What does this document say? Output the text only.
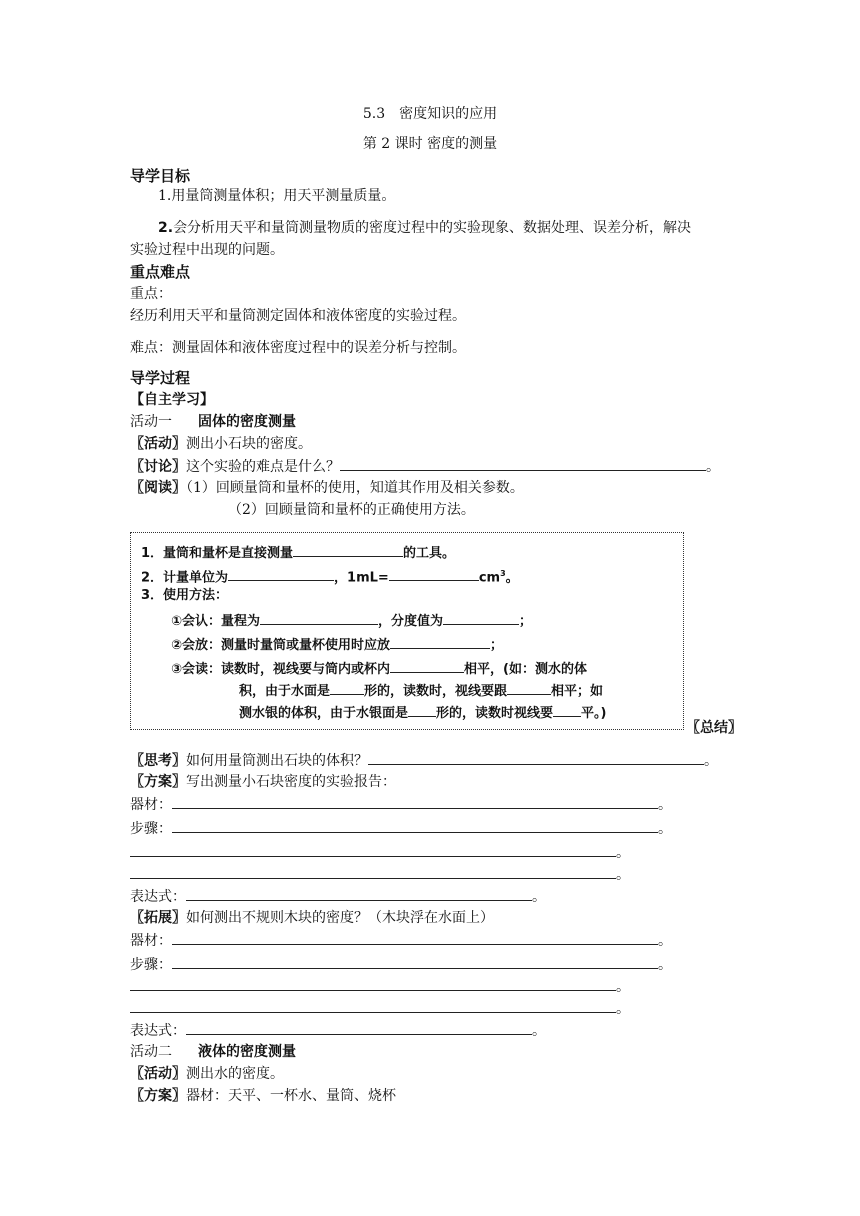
5.3　密度知识的应用
第 2 课时 密度的测量
导学目标
1.用量筒测量体积；用天平测量质量。
2.会分析用天平和量筒测量物质的密度过程中的实验现象、数据处理、误差分析，解决
实验过程中出现的问题。
重点难点
重点：
经历利用天平和量筒测定固体和液体密度的实验过程。
难点：测量固体和液体密度过程中的误差分析与控制。
导学过程
【自主学习】
活动一 固体的密度测量
〖活动〗测出小石块的密度。
〖讨论〗这个实验的难点是什么？	。
〖阅读〗（1）回顾量筒和量杯的使用，知道其作用及相关参数。
（2）回顾量筒和量杯的正确使用方法。
1．量筒和量杯是直接测量	的工具。
2．计量单位为	，1mL=	$cm^3$。
3．使用方法：
①会认：量程为	，分度值为	；
②会放：测量时量筒或量杯使用时应放	；
③会读：读数时，视线要与筒内或杯内	相平，(如：测水的体
积，由于水面是	形的，读数时，视线要跟	相平；如
测水银的体积，由于水银面是 形的，读数时视线要 平。)
〖总结〗
〖思考〗如何用量筒测出石块的体积？	。
〖方案〗写出测量小石块密度的实验报告：
器材：	。
步骤：	。
。
。
表达式：	。
〖拓展〗如何测出不规则木块的密度？（木块浮在水面上）
器材：	。
步骤：	。
。
。
表达式：	。
活动二 液体的密度测量
〖活动〗测出水的密度。
〖方案〗器材：天平、一杯水、量筒、烧杯
